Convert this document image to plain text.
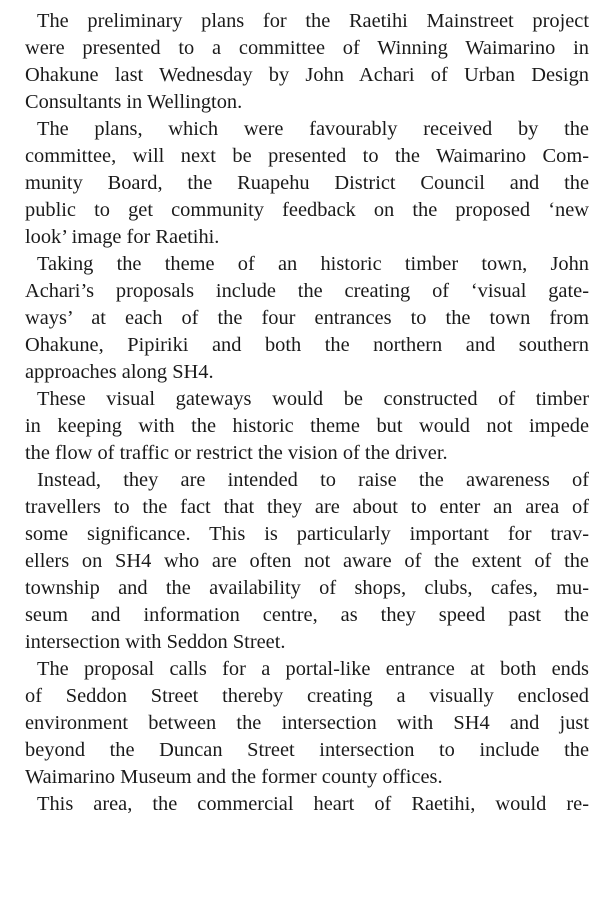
The preliminary plans for the Raetihi Mainstreet project
were presented to a committee of Winning Waimarino in
Ohakune last Wednesday by John Achari of Urban Design
Consultants in Wellington.
The plans, which were favourably received by the
committee, will next be presented to the Waimarino Com-
munity Board, the Ruapehu District Council and the
public to get community feedback on the proposed ‘new
look’ image for Raetihi.
Taking the theme of an historic timber town, John
Achari’s proposals include the creating of ‘visual gate-
ways’ at each of the four entrances to the town from
Ohakune, Pipiriki and both the northern and southern
approaches along SH4.
These visual gateways would be constructed of timber
in keeping with the historic theme but would not impede
the flow of traffic or restrict the vision of the driver.
Instead, they are intended to raise the awareness of
travellers to the fact that they are about to enter an area of
some significance. This is particularly important for trav-
ellers on SH4 who are often not aware of the extent of the
township and the availability of shops, clubs, cafes, mu-
seum and information centre, as they speed past the
intersection with Seddon Street.
The proposal calls for a portal-like entrance at both ends
of Seddon Street thereby creating a visually enclosed
environment between the intersection with SH4 and just
beyond the Duncan Street intersection to include the
Waimarino Museum and the former county offices.
This area, the commercial heart of Raetihi, would re-
